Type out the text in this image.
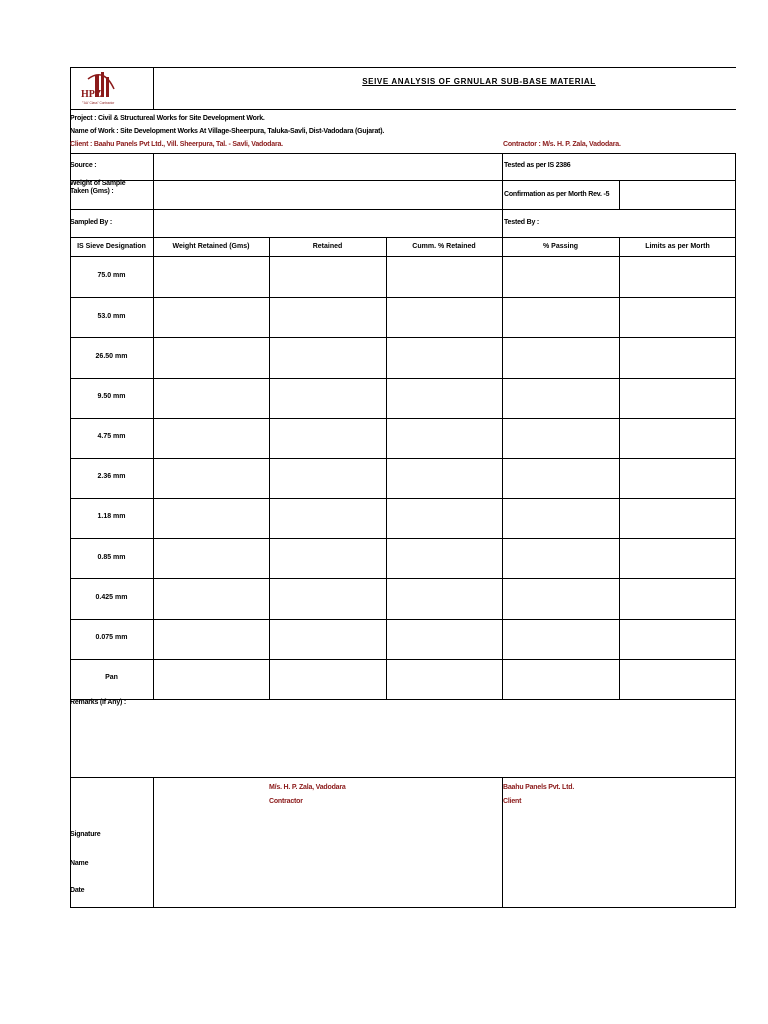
HPZ
"'AA' Class" Contractor
SEIVE ANALYSIS OF GRNULAR SUB-BASE MATERIAL
Project : Civil & Structureal Works for Site Development Work.
Name of Work : Site Development Works At Village-Sheerpura, Taluka-Savli, Dist-Vadodara (Gujarat).
Client : Baahu Panels Pvt Ltd., Vill. Sheerpura, Tal. - Savli, Vadodara.	Contractor : M/s. H. P. Zala, Vadodara.
Source :	Tested as per IS 2386
Weight of Sample Taken (Gms) :	Confirmation as per Morth Rev. -5
Sampled By :	Tested By :
IS Sieve Designation	Weight Retained (Gms)	Retained	Cumm. % Retained	% Passing	Limits as per Morth
75.0 mm
53.0 mm
26.50 mm
9.50 mm
4.75 mm
2.36 mm
1.18 mm
0.85 mm
0.425 mm
0.075 mm
Pan
Remarks (If Any) :
M/s. H. P. Zala, Vadodara
Contractor
Baahu Panels Pvt. Ltd.
Client
Signature
Name
Date
